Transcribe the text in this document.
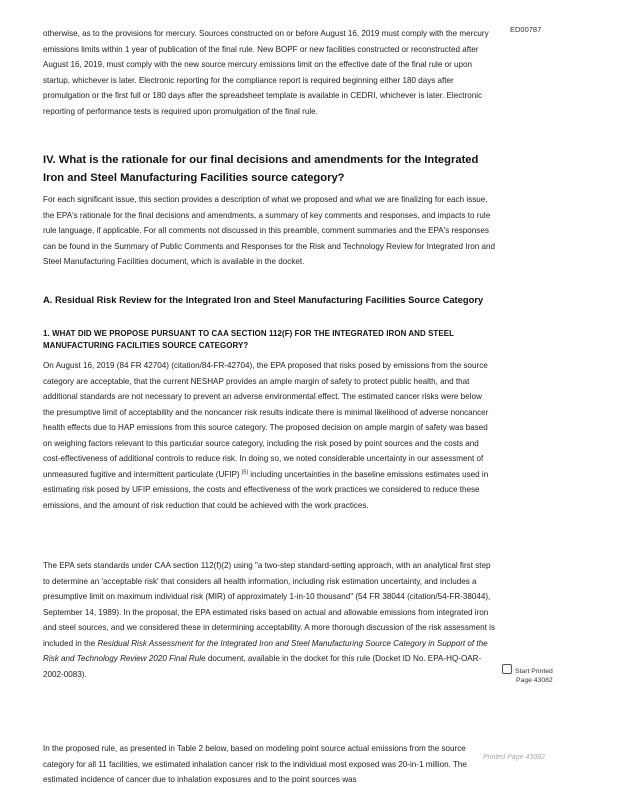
ED00787

otherwise, as to the provisions for mercury. Sources constructed on or before August 16, 2019 must comply with the mercury emissions limits within 1 year of publication of the final rule. New BOPF or new facilities constructed or reconstructed after August 16, 2019, must comply with the new source mercury emissions limit on the effective date of the final rule or upon startup, whichever is later. Electronic reporting for the compliance report is required beginning either 180 days after promulgation or the first full or 180 days after the spreadsheet template is available in CEDRI, whichever is later. Electronic reporting of performance tests is required upon promulgation of the final rule.

IV. What is the rationale for our final decisions and amendments for the Integrated Iron and Steel Manufacturing Facilities source category?

For each significant issue, this section provides a description of what we proposed and what we are finalizing for each issue, the EPA's rationale for the final decisions and amendments, a summary of key comments and responses, and impacts to rule rule language, if applicable. For all comments not discussed in this preamble, comment summaries and the EPA's responses can be found in the Summary of Public Comments and Responses for the Risk and Technology Review for Integrated Iron and Steel Manufacturing Facilities document, which is available in the docket.

A. Residual Risk Review for the Integrated Iron and Steel Manufacturing Facilities Source Category
1. WHAT DID WE PROPOSE PURSUANT TO CAA SECTION 112(F) FOR THE INTEGRATED IRON AND STEEL MANUFACTURING FACILITIES SOURCE CATEGORY?

On August 16, 2019 (84 FR 42704) (citation/84-FR-42704), the EPA proposed that risks posed by emissions from the source category are acceptable, that the current NESHAP provides an ample margin of safety to protect public health, and that additional standards are not necessary to prevent an adverse environmental effect. The estimated cancer risks were below the presumptive limit of acceptability and the noncancer risk results indicate there is minimal likelihood of adverse noncancer health effects due to HAP emissions from this source category. The proposed decision on ample margin of safety was based on weighing factors relevant to this particular source category, including the risk posed by point sources and the costs and cost-effectiveness of additional controls to reduce risk. In doing so, we noted considerable uncertainty in our assessment of unmeasured fugitive and intermittent particulate (UFIP) [5] including uncertainties in the baseline emissions estimates used in estimating risk posed by UFIP emissions, the costs and effectiveness of the work practices we considered to reduce these emissions, and the amount of risk reduction that could be achieved with the work practices.

The EPA sets standards under CAA section 112(f)(2) using "a two-step standard-setting approach, with an analytical first step to determine an 'acceptable risk' that considers all health information, including risk estimation uncertainty, and includes a presumptive limit on maximum individual risk (MIR) of approximately 1-in-10 thousand" (54 FR 38044 (citation/54-FR-38044), September 14, 1989). In the proposal, the EPA estimated risks based on actual and allowable emissions from integrated iron and steel sources, and we considered these in determining acceptability. A more thorough discussion of the risk assessment is included in the Residual Risk Assessment for the Integrated Iron and Steel Manufacturing Source Category in Support of the Risk and Technology Review 2020 Final Rule document, available in the docket for this rule (Docket ID No. EPA-HQ-OAR-2002-0083).

In the proposed rule, as presented in Table 2 below, based on modeling point source actual emissions from the source category for all 11 facilities, we estimated inhalation cancer risk to the individual most exposed was 20-in-1 million. The estimated incidence of cancer due to inhalation exposures and to the point sources was

Start Printed
Page 43082
Printed Page 43082
